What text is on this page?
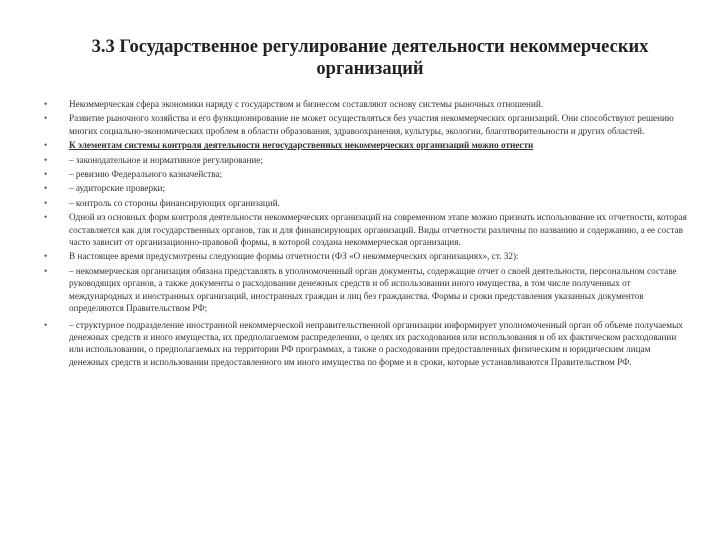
3.3 Государственное регулирование деятельности некоммерческих организаций
•	Некоммерческая сфера экономики наряду с государством и бизнесом составляют основу системы рыночных отношений.
•	Развитие рыночного хозяйства и его функционирование не может осуществляться без участия некоммерческих организаций. Они способствуют решению многих социально-экономических проблем в области образования, здравоохранения, культуры, экологии, благотворительности и других областей.
•	К элементам системы контроля деятельности негосударственных некоммерческих организаций можно отнести
•	– законодательное и нормативное регулирование;
•	– ревизию Федерального казначейства;
•	– аудиторские проверки;
•	– контроль со стороны финансирующих организаций.
•	Одной из основных форм контроля деятельности некоммерческих организаций на современном этапе можно признать использование их отчетности, которая составляется как для государственных органов, так и для финансирующих организаций. Виды отчетности различны по названию и содержанию, а ее состав часто зависит от организационно-правовой формы, в которой создана некоммерческая организация.
•	В настоящее время предусмотрены следующие формы отчетности (ФЗ «О некоммерческих организациях», ст. 32):
•	– некоммерческая организация обязана представлять в уполномоченный орган документы, содержащие отчет о своей деятельности, персональном составе руководящих органов, а также документы о расходовании денежных средств и об использовании иного имущества, в том числе полученных от международных и иностранных организаций, иностранных граждан и лиц без гражданства. Формы и сроки представления указанных документов определяются Правительством РФ;
•	– структурное подразделение иностранной некоммерческой неправительственной организации информирует уполномоченный орган об объеме получаемых денежных средств и иного имущества, их предполагаемом распределении, о целях их расходования или использования и об их фактическом расходовании или использовании, о предполагаемых на территории РФ программах, а также о расходовании предоставленных физическим и юридическим лицам денежных средств и использовании предоставленного им иного имущества по форме и в сроки, которые устанавливаются Правительством РФ.
